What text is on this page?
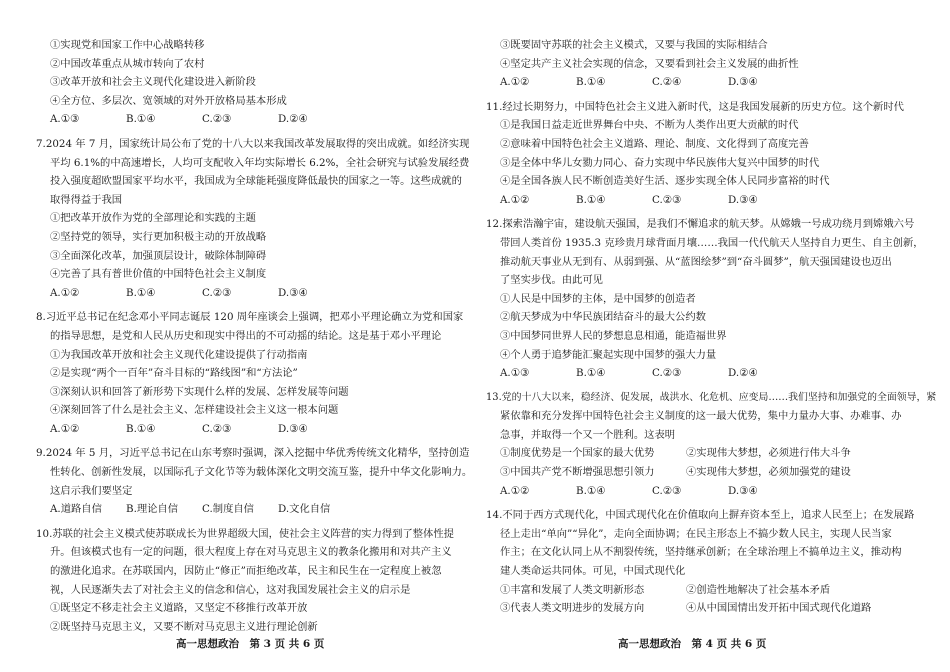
①实现党和国家工作中心战略转移
②中国改革重点从城市转向了农村
③改革开放和社会主义现代化建设进入新阶段
④全方位、多层次、宽领域的对外开放格局基本形成
A.①③	B.①④	C.②③	D.②④
7.2024 年 7 月，国家统计局公布了党的十八大以来我国改革发展取得的突出成就。如经济实现
平均 6.1%的中高速增长，人均可支配收入年均实际增长 6.2%，全社会研究与试验发展经费
投入强度超欧盟国家平均水平，我国成为全球能耗强度降低最快的国家之一等。这些成就的
取得得益于我国
①把改革开放作为党的全部理论和实践的主题
②坚持党的领导，实行更加积极主动的开放战略
③全面深化改革，加强顶层设计，破除体制障碍
④完善了具有普世价值的中国特色社会主义制度
A.①②	B.①④	C.②③	D.③④
8.习近平总书记在纪念邓小平同志诞辰 120 周年座谈会上强调，把邓小平理论确立为党和国家
的指导思想，是党和人民从历史和现实中得出的不可动摇的结论。这是基于邓小平理论
①为我国改革开放和社会主义现代化建设提供了行动指南
②是实现“两个一百年”奋斗目标的“路线图”和“方法论”
③深刻认识和回答了新形势下实现什么样的发展、怎样发展等问题
④深刻回答了什么是社会主义、怎样建设社会主义这一根本问题
A.①②	B.①④	C.②③	D.③④
9.2024 年 5 月，习近平总书记在山东考察时强调，深入挖掘中华优秀传统文化精华，坚持创造
性转化、创新性发展，以国际孔子文化节等为载体深化文明交流互鉴，提升中华文化影响力。
这启示我们要坚定
A.道路自信	B.理论自信	C.制度自信	D.文化自信
10.苏联的社会主义模式使苏联成长为世界超级大国，使社会主义阵营的实力得到了整体性提
升。但该模式也有一定的问题，很大程度上存在对马克思主义的教条化搬用和对共产主义
的激进化追求。在苏联国内，因防止“修正”而拒绝改革，民主和民生在一定程度上被忽
视，人民逐渐失去了对社会主义的信念和信心，这对我国发展社会主义的启示是
①既坚定不移走社会主义道路，又坚定不移推行改革开放
②既坚持马克思主义，又要不断对马克思主义进行理论创新
高一思想政治　第 3 页 共 6 页
③既要固守苏联的社会主义模式，又要与我国的实际相结合
④坚定共产主义社会实现的信念，又要看到社会主义发展的曲折性
A.①②	B.①④	C.②④	D.③④
11.经过长期努力，中国特色社会主义进入新时代，这是我国发展新的历史方位。这个新时代
①是我国日益走近世界舞台中央、不断为人类作出更大贡献的时代
②意味着中国特色社会主义道路、理论、制度、文化得到了高度完善
③是全体中华儿女勠力同心、奋力实现中华民族伟大复兴中国梦的时代
④是全国各族人民不断创造美好生活、逐步实现全体人民同步富裕的时代
A.①②	B.①④	C.②③	D.③④
12.探索浩瀚宇宙，建设航天强国，是我们不懈追求的航天梦。从嫦娥一号成功绕月到嫦娥六号
带回人类首份 1935.3 克珍贵月球背面月壤……我国一代代航天人坚持自力更生、自主创新，
推动航天事业从无到有、从弱到强、从“蓝图绘梦”到“奋斗圆梦”，航天强国建设也迈出
了坚实步伐。由此可见
①人民是中国梦的主体，是中国梦的创造者
②航天梦成为中华民族团结奋斗的最大公约数
③中国梦同世界人民的梦想息息相通，能造福世界
④个人勇于追梦能汇聚起实现中国梦的强大力量
A.①③	B.①④	C.②③	D.②④
13.党的十八大以来，稳经济、促发展，战洪水、化危机、应变局……我们坚持和加强党的全面领导，紧
紧依靠和充分发挥中国特色社会主义制度的这一最大优势，集中力量办大事、办难事、办
急事，并取得一个又一个胜利。这表明
①制度优势是一个国家的最大优势	②实现伟大梦想，必须进行伟大斗争
③中国共产党不断增强思想引领力	④实现伟大梦想，必须加强党的建设
A.①②	B.①④	C.②③	D.③④
14.不同于西方式现代化，中国式现代化在价值取向上摒弃资本至上，追求人民至上；在发展路
径上走出“单向”“异化”，走向全面协调；在民主形态上不搞少数人民主，实现人民当家
作主；在文化认同上从不割裂传统，坚持继承创新；在全球治理上不搞单边主义，推动构
建人类命运共同体。可见，中国式现代化
①丰富和发展了人类文明新形态	②创造性地解决了社会基本矛盾
③代表人类文明进步的发展方向	④从中国国情出发开拓中国式现代化道路
高一思想政治　第 4 页 共 6 页
